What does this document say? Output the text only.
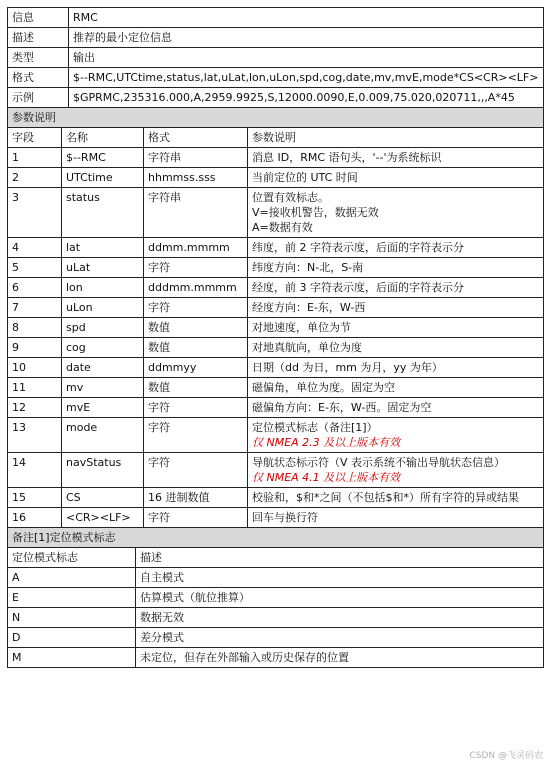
信息	RMC
描述	推荐的最小定位信息
类型	输出
格式	$--RMC,UTCtime,status,lat,uLat,lon,uLon,spd,cog,date,mv,mvE,mode*CS<CR><LF>
示例	$GPRMC,235316.000,A,2959.9925,S,12000.0090,E,0.009,75.020,020711,,,A*45
参数说明			
字段	名称	格式	参数说明
1	$--RMC	字符串	消息 ID，RMC 语句头，'--'为系统标识

2	UTCtime	hhmmss.sss	当前定位的 UTC 时间

3	status	字符串	位置有效标志。
V=接收机警告，数据无效
A=数据有效

4	lat	ddmm.mmmm	纬度，前 2 字符表示度，后面的字符表示分

5	uLat	字符	纬度方向：N-北，S-南

6	lon	dddmm.mmmm	经度，前 3 字符表示度，后面的字符表示分

7	uLon	字符	经度方向：E-东，W-西

8	spd	数值	对地速度，单位为节

9	cog	数值	对地真航向，单位为度

10	date	ddmmyy	日期（dd 为日，mm 为月，yy 为年）

11	mv	数值	磁偏角，单位为度。固定为空

12	mvE	字符	磁偏角方向：E-东，W-西。固定为空

13	mode	字符	定位模式标志（备注[1]）
仅 NMEA 2.3 及以上版本有效

14	navStatus	字符	导航状态标示符（V 表示系统不输出导航状态信息）
仅 NMEA 4.1 及以上版本有效

15	CS	16 进制数值	校验和，$和*之间（不包括$和*）所有字符的异或结果

16	<CR><LF>	字符	回车与换行符
备注[1]定位模式标志	
定位模式标志	描述
A	自主模式
E	估算模式（航位推算）
N	数据无效
D	差分模式
M	未定位，但存在外部输入或历史保存的位置
CSDN @飞灵码农
